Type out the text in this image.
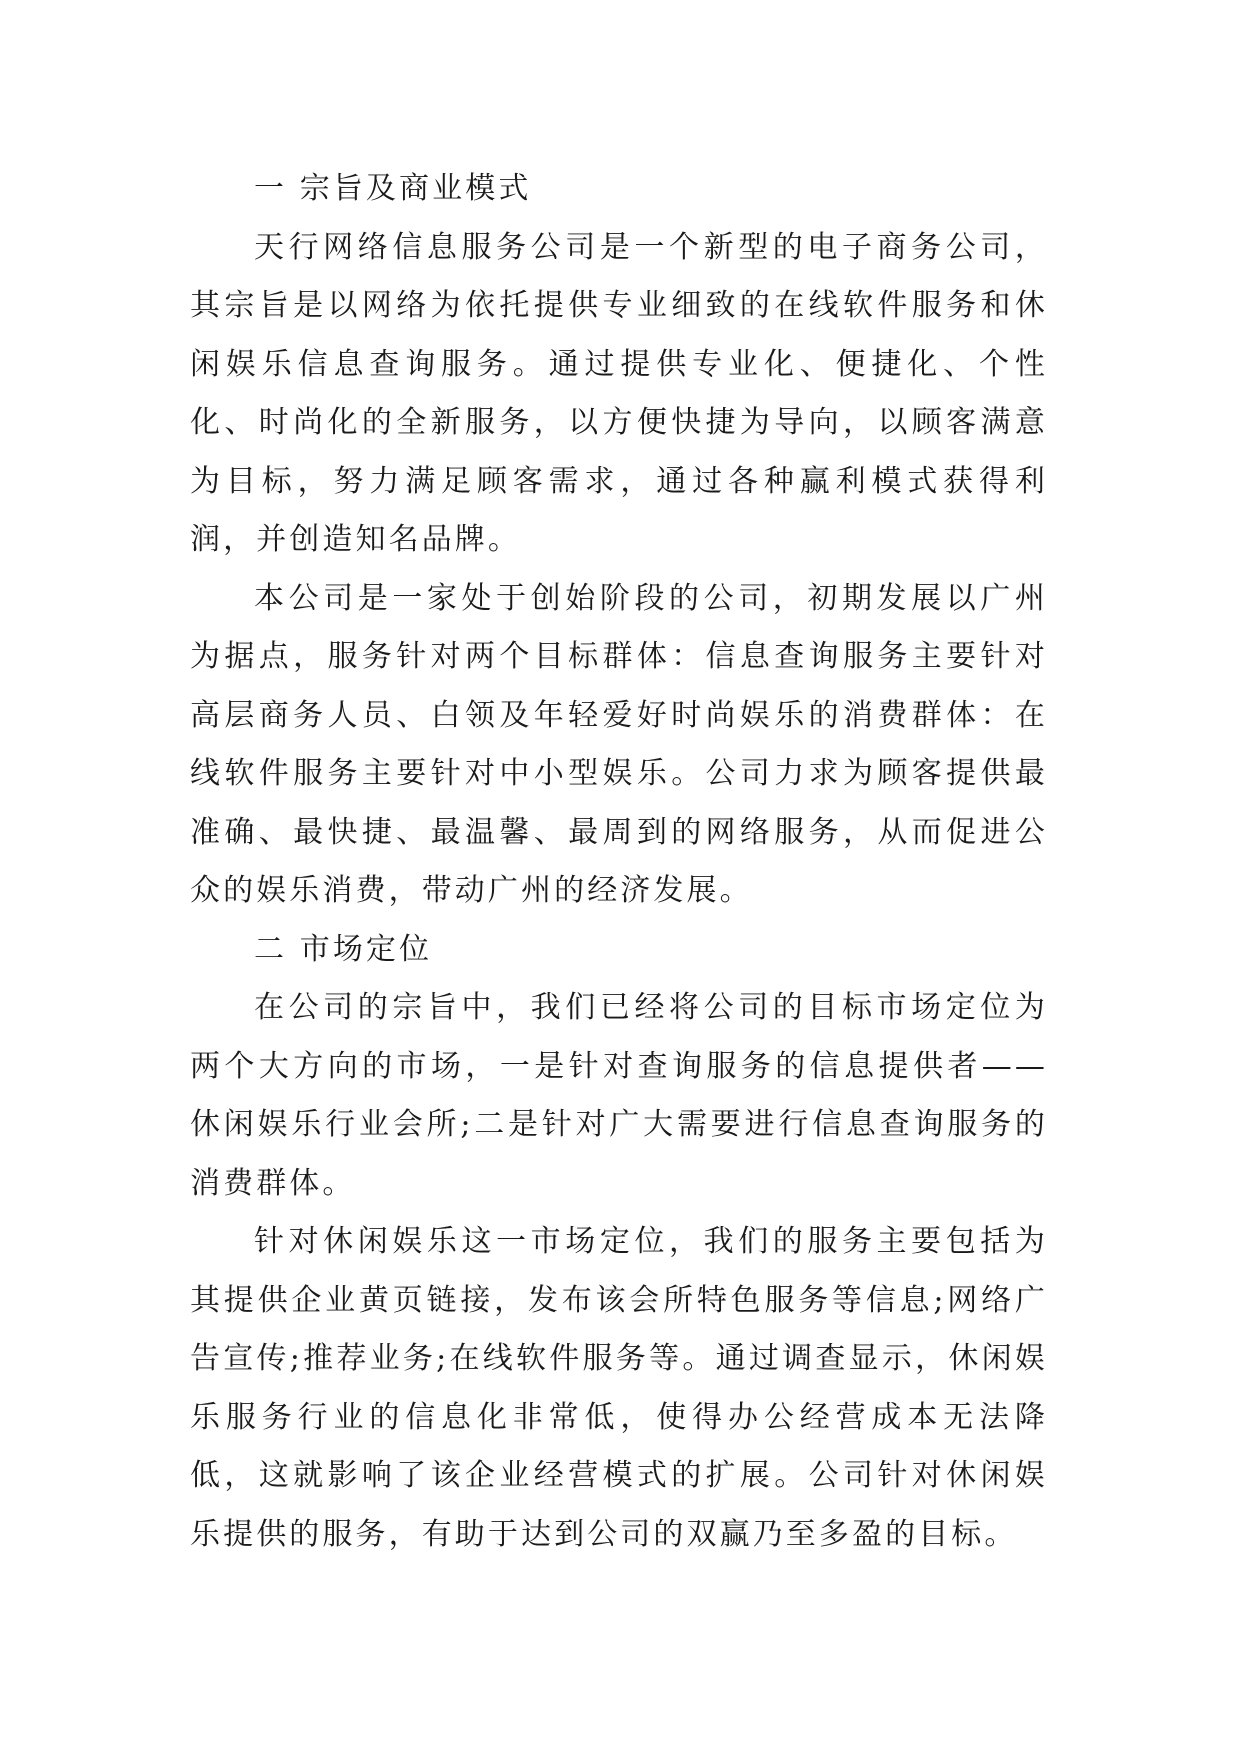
一 宗旨及商业模式

天行网络信息服务公司是一个新型的电子商务公司，其宗旨是以网络为依托提供专业细致的在线软件服务和休闲娱乐信息查询服务。通过提供专业化、便捷化、个性化、时尚化的全新服务，以方便快捷为导向，以顾客满意为目标，努力满足顾客需求，通过各种赢利模式获得利润，并创造知名品牌。

本公司是一家处于创始阶段的公司，初期发展以广州为据点，服务针对两个目标群体：信息查询服务主要针对高层商务人员、白领及年轻爱好时尚娱乐的消费群体：在线软件服务主要针对中小型娱乐。公司力求为顾客提供最准确、最快捷、最温馨、最周到的网络服务，从而促进公众的娱乐消费，带动广州的经济发展。

二 市场定位

在公司的宗旨中，我们已经将公司的目标市场定位为两个大方向的市场，一是针对查询服务的信息提供者——休闲娱乐行业会所;二是针对广大需要进行信息查询服务的消费群体。

针对休闲娱乐这一市场定位，我们的服务主要包括为其提供企业黄页链接，发布该会所特色服务等信息;网络广告宣传;推荐业务;在线软件服务等。通过调查显示，休闲娱乐服务行业的信息化非常低，使得办公经营成本无法降低，这就影响了该企业经营模式的扩展。公司针对休闲娱乐提供的服务，有助于达到公司的双赢乃至多盈的目标。
